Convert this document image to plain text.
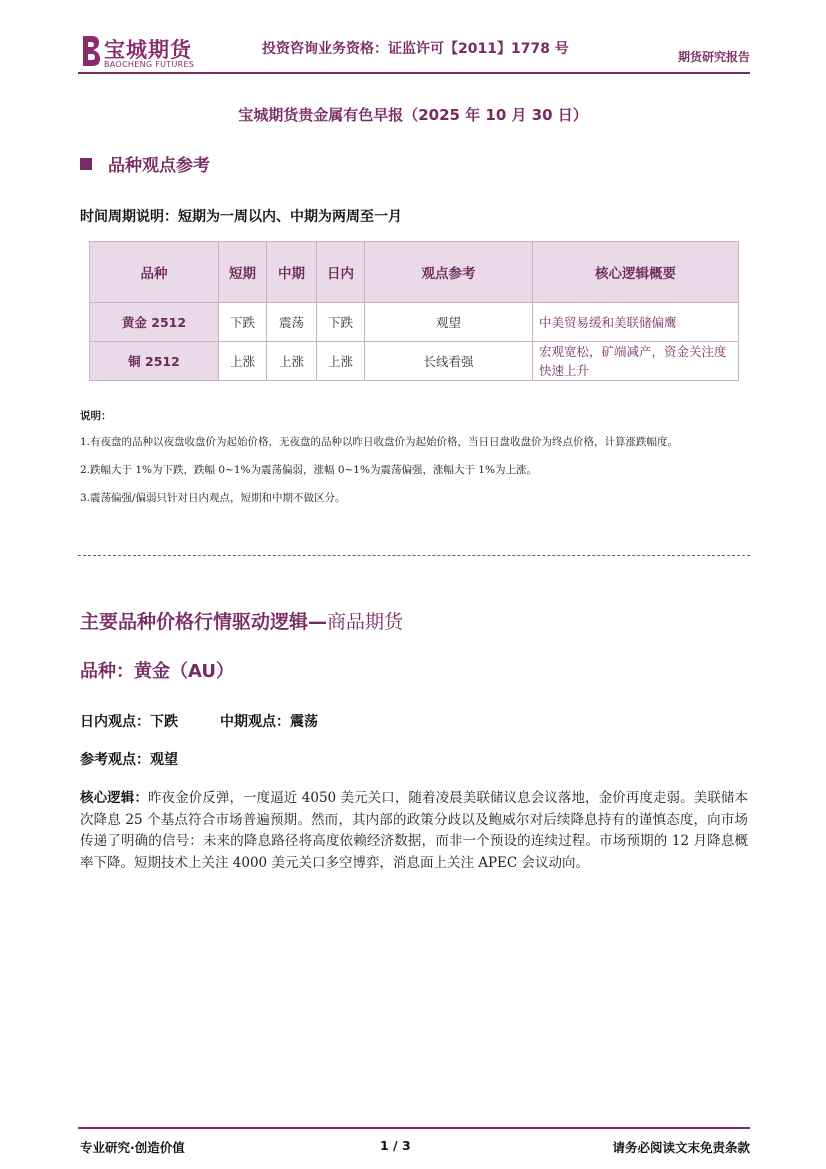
宝城期货
BAOCHENG FUTURES
投资咨询业务资格：证监许可【2011】1778 号	期货研究报告
宝城期货贵金属有色早报（2025 年 10 月 30 日）
品种观点参考
时间周期说明：短期为一周以内、中期为两周至一月
品种	短期	中期	日内	观点参考	核心逻辑概要
黄金 2512	下跌	震荡	下跌	观望	中美贸易缓和美联储偏鹰
铜 2512	上涨	上涨	上涨	长线看强	宏观宽松，矿端减产，资金关注度快速上升
说明：

1.有夜盘的品种以夜盘收盘价为起始价格，无夜盘的品种以昨日收盘价为起始价格，当日日盘收盘价为终点价格，计算涨跌幅度。

2.跌幅大于 1%为下跌，跌幅 0~1%为震荡偏弱，涨幅 0~1%为震荡偏强，涨幅大于 1%为上涨。

3.震荡偏强/偏弱只针对日内观点，短期和中期不做区分。

主要品种价格行情驱动逻辑—商品期货
品种：黄金（AU）
日内观点：下跌	中期观点：震荡
参考观点：观望
核心逻辑：昨夜金价反弹，一度逼近 4050 美元关口，随着凌晨美联储议息会议落地，金价再度走弱。美联储本次降息 25 个基点符合市场普遍预期。然而，其内部的政策分歧以及鲍威尔对后续降息持有的谨慎态度，向市场传递了明确的信号：未来的降息路径将高度依赖经济数据，而非一个预设的连续过程。市场预期的 12 月降息概率下降。短期技术上关注 4000 美元关口多空博弈，消息面上关注 APEC 会议动向。
专业研究·创造价值	1 / 3	请务必阅读文末免责条款
